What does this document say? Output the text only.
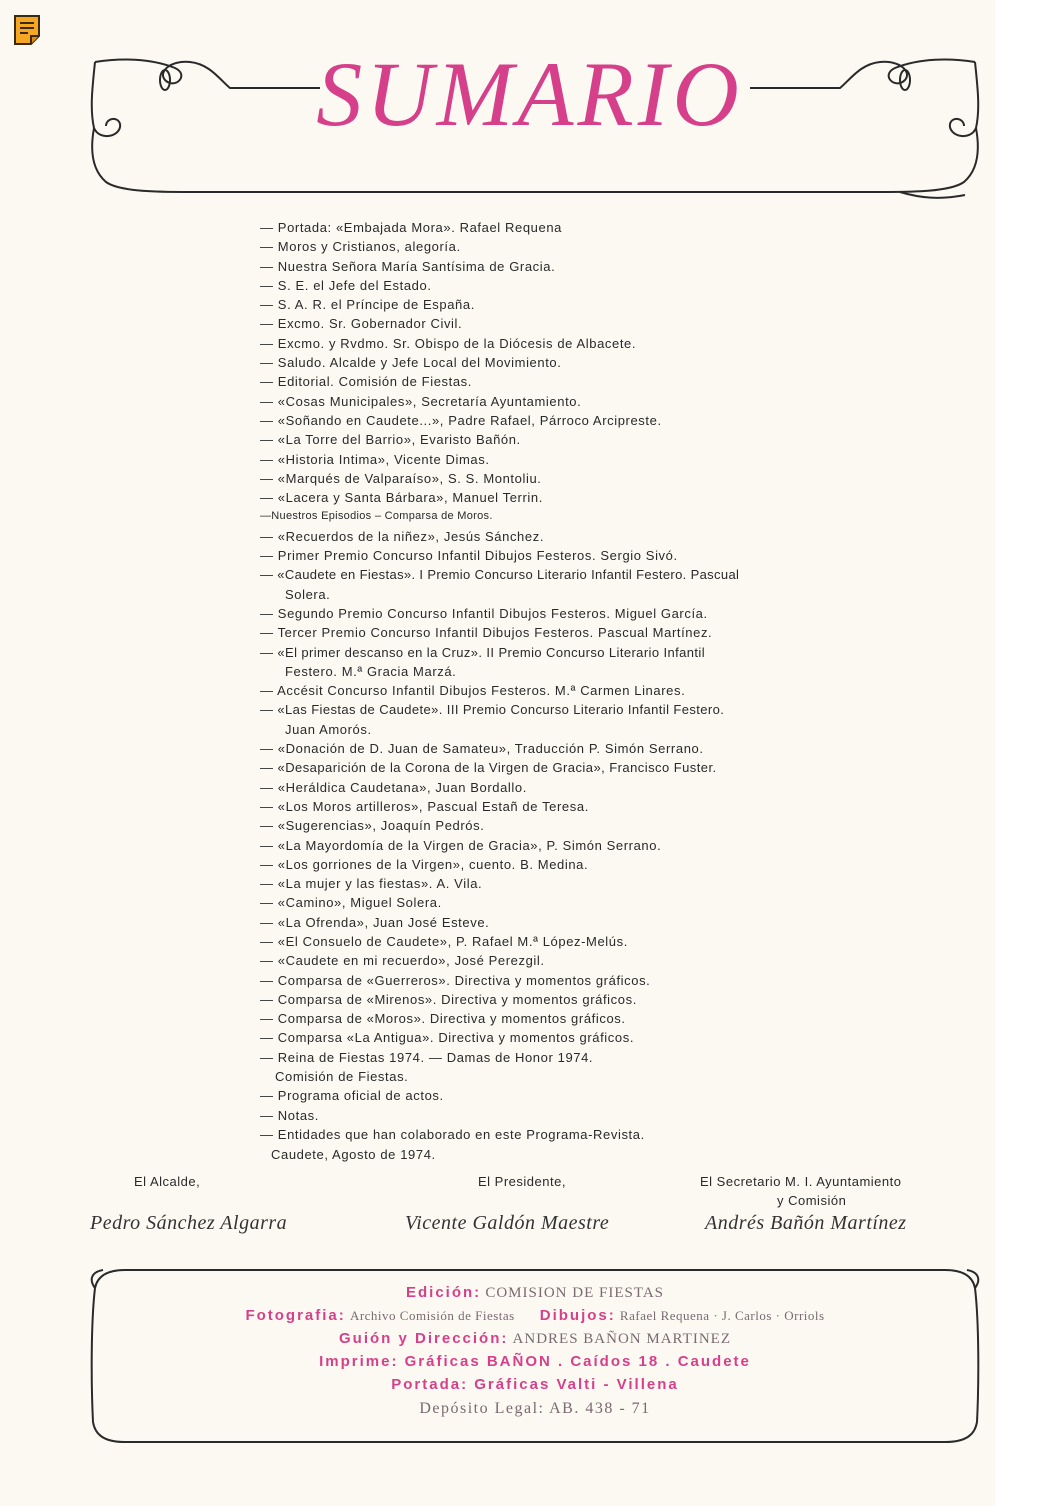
SUMARIO
— Portada: «Embajada Mora». Rafael Requena
— Moros y Cristianos, alegoría.
— Nuestra Señora María Santísima de Gracia.
— S. E. el Jefe del Estado.
— S. A. R. el Príncipe de España.
— Excmo. Sr. Gobernador Civil.
— Excmo. y Rvdmo. Sr. Obispo de la Diócesis de Albacete.
— Saludo. Alcalde y Jefe Local del Movimiento.
— Editorial. Comisión de Fiestas.
— «Cosas Municipales», Secretaría Ayuntamiento.
— «Soñando en Caudete...», Padre Rafael, Párroco Arcipreste.
— «La Torre del Barrio», Evaristo Bañón.
— «Historia Intima», Vicente Dimas.
— «Marqués de Valparaíso», S. S. Montoliu.
— «Lacera y Santa Bárbara», Manuel Terrin.
—Nuestros Episodios – Comparsa de Moros.
— «Recuerdos de la niñez», Jesús Sánchez.
— Primer Premio Concurso Infantil Dibujos Festeros. Sergio Sivó.
— «Caudete en Fiestas». I Premio Concurso Literario Infantil Festero. Pascual
Solera.
— Segundo Premio Concurso Infantil Dibujos Festeros. Miguel García.
— Tercer Premio Concurso Infantil Dibujos Festeros. Pascual Martínez.
— «El primer descanso en la Cruz». II Premio Concurso Literario Infantil
Festero. M.ª Gracia Marzá.
— Accésit Concurso Infantil Dibujos Festeros. M.ª Carmen Linares.
— «Las Fiestas de Caudete». III Premio Concurso Literario Infantil Festero.
Juan Amorós.
— «Donación de D. Juan de Samateu», Traducción P. Simón Serrano.
— «Desaparición de la Corona de la Virgen de Gracia», Francisco Fuster.
— «Heráldica Caudetana», Juan Bordallo.
— «Los Moros artilleros», Pascual Estañ de Teresa.
— «Sugerencias», Joaquín Pedrós.
— «La Mayordomía de la Virgen de Gracia», P. Simón Serrano.
— «Los gorriones de la Virgen», cuento. B. Medina.
— «La mujer y las fiestas». A. Vila.
— «Camino», Miguel Solera.
— «La Ofrenda», Juan José Esteve.
— «El Consuelo de Caudete», P. Rafael M.ª López-Melús.
— «Caudete en mi recuerdo», José Perezgil.
— Comparsa de «Guerreros». Directiva y momentos gráficos.
— Comparsa de «Mirenos». Directiva y momentos gráficos.
— Comparsa de «Moros». Directiva y momentos gráficos.
— Comparsa «La Antigua». Directiva y momentos gráficos.
— Reina de Fiestas 1974. — Damas de Honor 1974.
Comisión de Fiestas.
— Programa oficial de actos.
— Notas.
— Entidades que han colaborado en este Programa-Revista.
Caudete, Agosto de 1974.
El Alcalde,	El Presidente,	El Secretario M. I. Ayuntamiento
y Comisión
Pedro Sánchez Algarra	Vicente Galdón Maestre	Andrés Bañón Martínez
Edición: COMISION DE FIESTAS
Fotografia: Archivo Comisión de Fiestas Dibujos: Rafael Requena · J. Carlos · Orriols
Guión y Dirección: ANDRES BAÑON MARTINEZ
Imprime: Gráficas BAÑON . Caídos 18 . Caudete
Portada: Gráficas Valti - Villena
Depósito Legal: AB. 438 - 71
